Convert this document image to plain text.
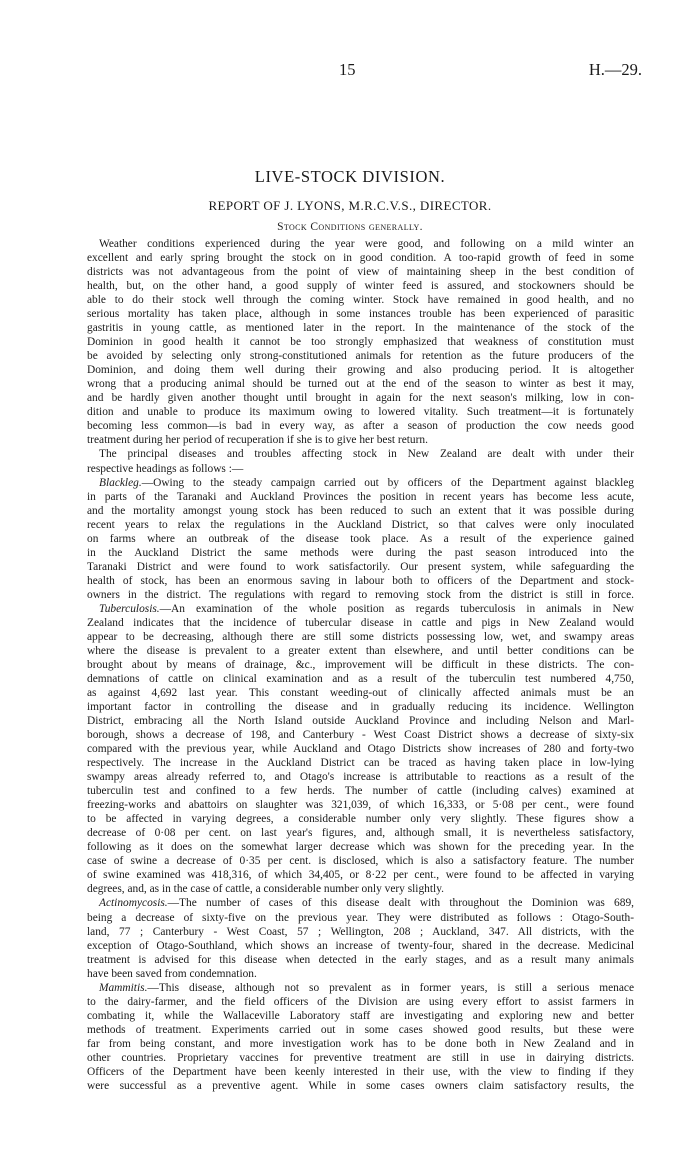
15	H.—29.
LIVE-STOCK DIVISION.
REPORT OF J. LYONS, M.R.C.V.S., DIRECTOR.
Stock Conditions generally.
Weather conditions experienced during the year were good, and following on a mild winter an
excellent and early spring brought the stock on in good condition. A too-rapid growth of feed in some
districts was not advantageous from the point of view of maintaining sheep in the best condition of
health, but, on the other hand, a good supply of winter feed is assured, and stockowners should be
able to do their stock well through the coming winter. Stock have remained in good health, and no
serious mortality has taken place, although in some instances trouble has been experienced of parasitic
gastritis in young cattle, as mentioned later in the report. In the maintenance of the stock of the
Dominion in good health it cannot be too strongly emphasized that weakness of constitution must
be avoided by selecting only strong-constitutioned animals for retention as the future producers of the
Dominion, and doing them well during their growing and also producing period. It is altogether
wrong that a producing animal should be turned out at the end of the season to winter as best it may,
and be hardly given another thought until brought in again for the next season's milking, low in con-
dition and unable to produce its maximum owing to lowered vitality. Such treatment—it is fortunately
becoming less common—is bad in every way, as after a season of production the cow needs good
treatment during her period of recuperation if she is to give her best return.
The principal diseases and troubles affecting stock in New Zealand are dealt with under their
respective headings as follows :—
Blackleg.—Owing to the steady campaign carried out by officers of the Department against blackleg
in parts of the Taranaki and Auckland Provinces the position in recent years has become less acute,
and the mortality amongst young stock has been reduced to such an extent that it was possible during
recent years to relax the regulations in the Auckland District, so that calves were only inoculated
on farms where an outbreak of the disease took place. As a result of the experience gained
in the Auckland District the same methods were during the past season introduced into the
Taranaki District and were found to work satisfactorily. Our present system, while safeguarding the
health of stock, has been an enormous saving in labour both to officers of the Department and stock-
owners in the district. The regulations with regard to removing stock from the district is still in force.
Tuberculosis.—An examination of the whole position as regards tuberculosis in animals in New
Zealand indicates that the incidence of tubercular disease in cattle and pigs in New Zealand would
appear to be decreasing, although there are still some districts possessing low, wet, and swampy areas
where the disease is prevalent to a greater extent than elsewhere, and until better conditions can be
brought about by means of drainage, &c., improvement will be difficult in these districts. The con-
demnations of cattle on clinical examination and as a result of the tuberculin test numbered 4,750,
as against 4,692 last year. This constant weeding-out of clinically affected animals must be an
important factor in controlling the disease and in gradually reducing its incidence. Wellington
District, embracing all the North Island outside Auckland Province and including Nelson and Marl-
borough, shows a decrease of 198, and Canterbury - West Coast District shows a decrease of sixty-six
compared with the previous year, while Auckland and Otago Districts show increases of 280 and forty-two
respectively. The increase in the Auckland District can be traced as having taken place in low-lying
swampy areas already referred to, and Otago's increase is attributable to reactions as a result of the
tuberculin test and confined to a few herds. The number of cattle (including calves) examined at
freezing-works and abattoirs on slaughter was 321,039, of which 16,333, or 5·08 per cent., were found
to be affected in varying degrees, a considerable number only very slightly. These figures show a
decrease of 0·08 per cent. on last year's figures, and, although small, it is nevertheless satisfactory,
following as it does on the somewhat larger decrease which was shown for the preceding year. In the
case of swine a decrease of 0·35 per cent. is disclosed, which is also a satisfactory feature. The number
of swine examined was 418,316, of which 34,405, or 8·22 per cent., were found to be affected in varying
degrees, and, as in the case of cattle, a considerable number only very slightly.
Actinomycosis.—The number of cases of this disease dealt with throughout the Dominion was 689,
being a decrease of sixty-five on the previous year. They were distributed as follows : Otago-South-
land, 77 ; Canterbury - West Coast, 57 ; Wellington, 208 ; Auckland, 347. All districts, with the
exception of Otago-Southland, which shows an increase of twenty-four, shared in the decrease. Medicinal
treatment is advised for this disease when detected in the early stages, and as a result many animals
have been saved from condemnation.
Mammitis.—This disease, although not so prevalent as in former years, is still a serious menace
to the dairy-farmer, and the field officers of the Division are using every effort to assist farmers in
combating it, while the Wallaceville Laboratory staff are investigating and exploring new and better
methods of treatment. Experiments carried out in some cases showed good results, but these were
far from being constant, and more investigation work has to be done both in New Zealand and in
other countries. Proprietary vaccines for preventive treatment are still in use in dairying districts.
Officers of the Department have been keenly interested in their use, with the view to finding if they
were successful as a preventive agent. While in some cases owners claim satisfactory results, the
